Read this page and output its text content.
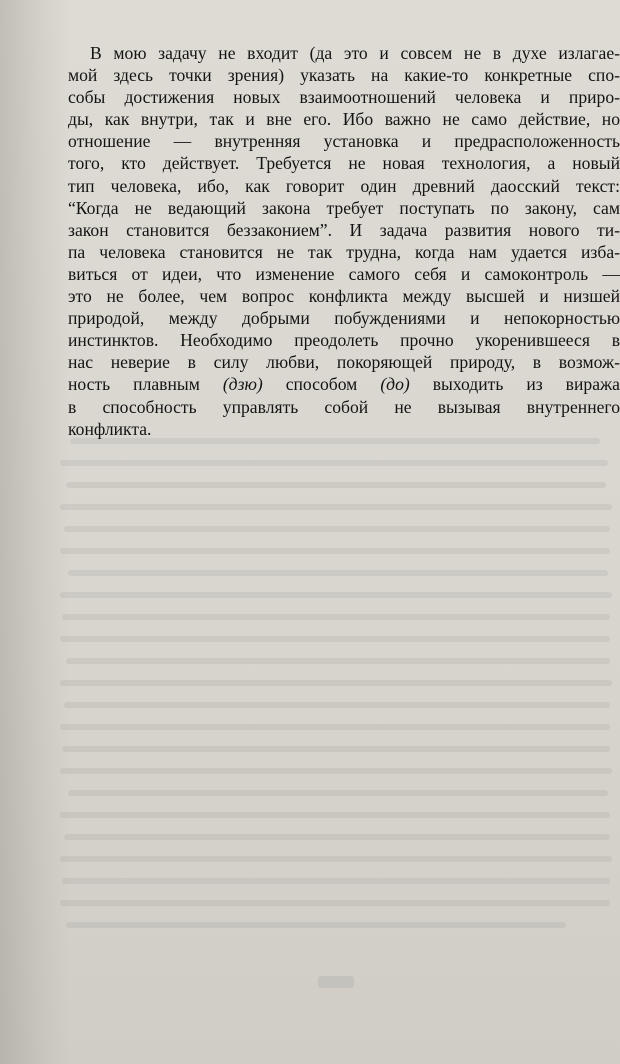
В мою задачу не входит (да это и совсем не в духе излагае-
мой здесь точки зрения) указать на какие-то конкретные спо-
собы достижения новых взаимоотношений человека и приро-
ды, как внутри, так и вне его. Ибо важно не само действие, но
отношение — внутренняя установка и предрасположенность
того, кто действует. Требуется не новая технология, а новый
тип человека, ибо, как говорит один древний даосский текст:
“Когда не ведающий закона требует поступать по закону, сам
закон становится беззаконием”. И задача развития нового ти-
па человека становится не так трудна, когда нам удается изба-
виться от идеи, что изменение самого себя и самоконтроль —
это не более, чем вопрос конфликта между высшей и низшей
природой, между добрыми побуждениями и непокорностью
инстинктов. Необходимо преодолеть прочно укоренившееся в
нас неверие в силу любви, покоряющей природу, в возмож-
ность плавным (дзю) способом (до) выходить из виража
в способность управлять собой не вызывая внутреннего
конфликта.
